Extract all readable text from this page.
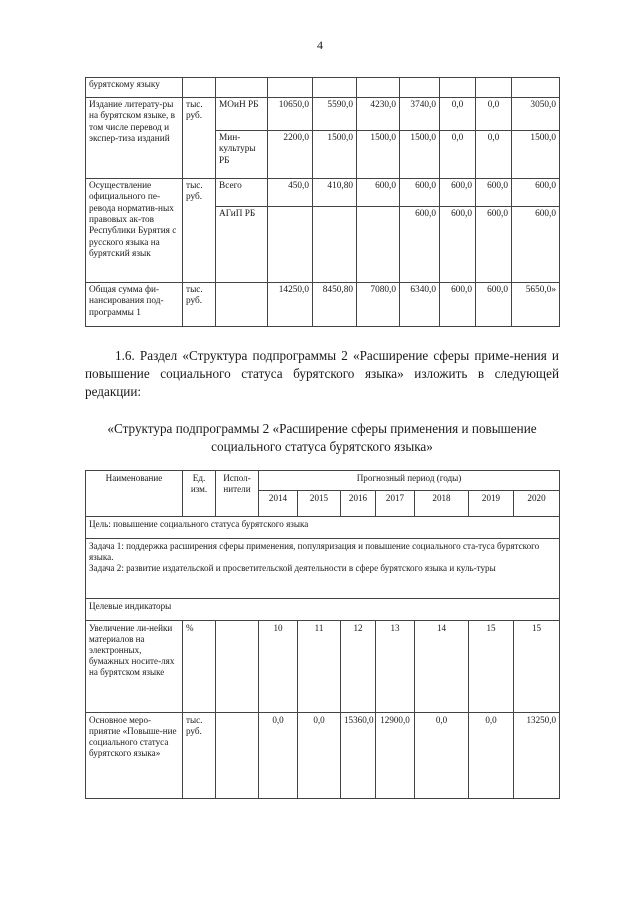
4
бурятскому языку									
Издание литерату-ры на бурятском языке, в том числе перевод и экспер-тиза изданий	тыс. руб.	МОиН РБ	10650,0	5590,0	4230,0	3740,0	0,0	0,0	3050,0
		Мин-культуры РБ	2200,0	1500,0	1500,0	1500,0	0,0	0,0	1500,0
Осуществление официального пе-ревода норматив-ных правовых ак-тов Республики Бурятия с русского языка на бурятский язык	тыс. руб.	Всего	450,0	410,80	600,0	600,0	600,0	600,0	600,0
		АГиП РБ				600,0	600,0	600,0	600,0
Общая сумма фи-нансирования под-программы 1	тыс. руб.		14250,0	8450,80	7080,0	6340,0	600,0	600,0	5650,0»
1.6. Раздел «Структура подпрограммы 2 «Расширение сферы приме-нения и повышение социального статуса бурятского языка» изложить в следующей редакции:
«Структура подпрограммы 2 «Расширение сферы применения и повышение социального статуса бурятского языка»
Наименование	Ед. изм.	Испол-нители	Прогнозный период (годы)						
			2014	2015	2016	2017	2018	2019	2020
Цель: повышение социального статуса бурятского языка									
Задача 1: поддержка расширения сферы применения, популяризация и повышение социального ста-туса бурятского языка.
Задача 2: развитие издательской и просветительской деятельности в сфере бурятского языка и куль-туры									
Целевые индикаторы									
Увеличение ли-нейки материалов на электронных, бумажных носите-лях на бурятском языке	%		10	11	12	13	14	15	15
Основное меро-приятие «Повыше-ние социального статуса бурятского языка»	тыс. руб.		0,0	0,0	15360,0	12900,0	0,0	0,0	13250,0
